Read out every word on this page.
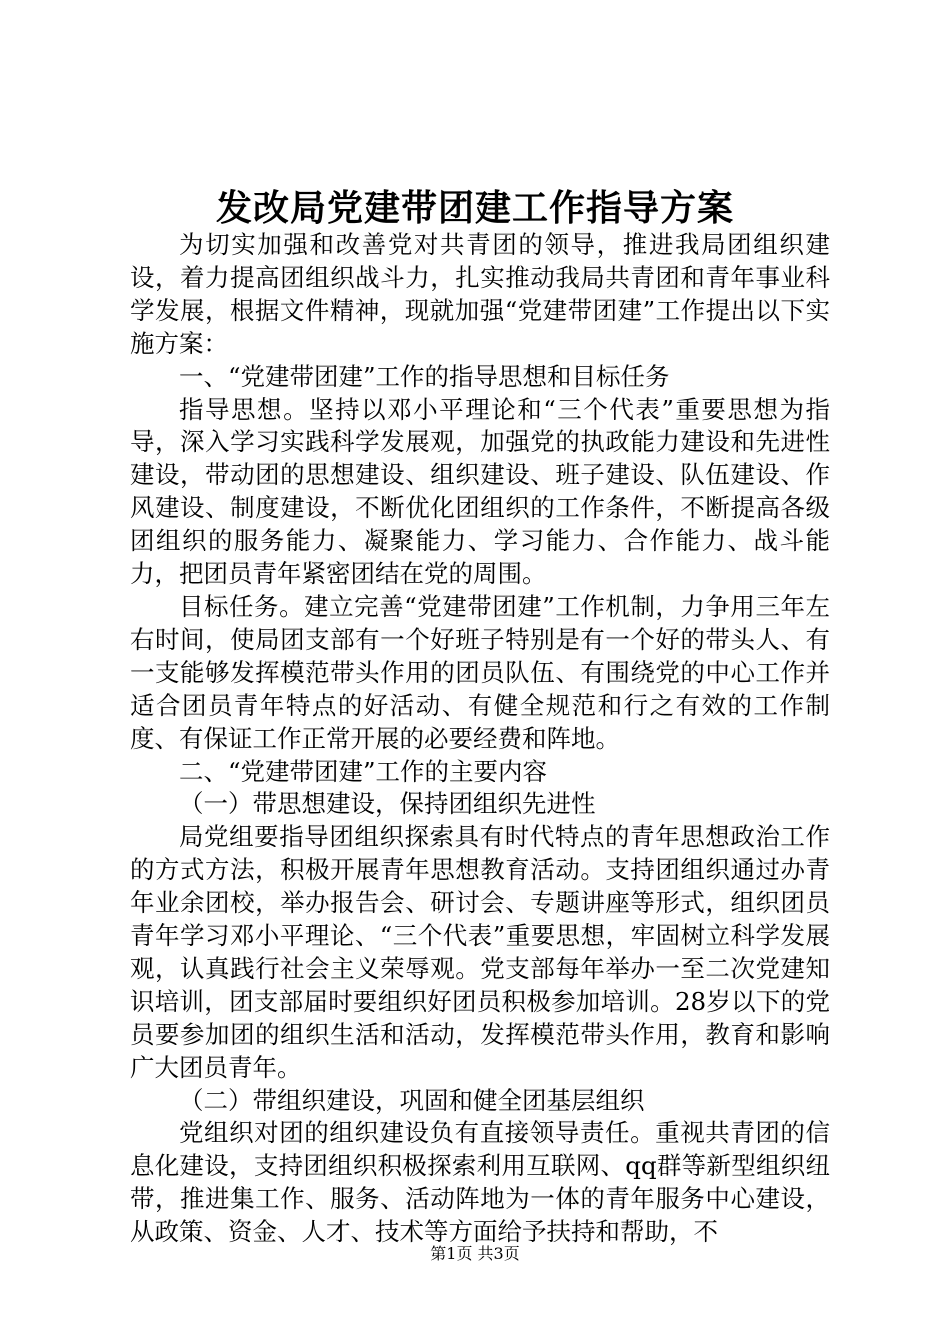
发改局党建带团建工作指导方案

为切实加强和改善党对共青团的领导，推进我局团组织建设，着力提高团组织战斗力，扎实推动我局共青团和青年事业科学发展，根据文件精神，现就加强“党建带团建”工作提出以下实施方案：

一、“党建带团建”工作的指导思想和目标任务

指导思想。坚持以邓小平理论和“三个代表”重要思想为指导，深入学习实践科学发展观，加强党的执政能力建设和先进性建设，带动团的思想建设、组织建设、班子建设、队伍建设、作风建设、制度建设，不断优化团组织的工作条件，不断提高各级团组织的服务能力、凝聚能力、学习能力、合作能力、战斗能力，把团员青年紧密团结在党的周围。

目标任务。建立完善“党建带团建”工作机制，力争用三年左右时间，使局团支部有一个好班子特别是有一个好的带头人、有一支能够发挥模范带头作用的团员队伍、有围绕党的中心工作并适合团员青年特点的好活动、有健全规范和行之有效的工作制度、有保证工作正常开展的必要经费和阵地。

二、“党建带团建”工作的主要内容

（一）带思想建设，保持团组织先进性

局党组要指导团组织探索具有时代特点的青年思想政治工作的方式方法，积极开展青年思想教育活动。支持团组织通过办青年业余团校，举办报告会、研讨会、专题讲座等形式，组织团员青年学习邓小平理论、“三个代表”重要思想，牢固树立科学发展观，认真践行社会主义荣辱观。党支部每年举办一至二次党建知识培训，团支部届时要组织好团员积极参加培训。28岁以下的党员要参加团的组织生活和活动，发挥模范带头作用，教育和影响广大团员青年。

（二）带组织建设，巩固和健全团基层组织

党组织对团的组织建设负有直接领导责任。重视共青团的信息化建设，支持团组织积极探索利用互联网、qq群等新型组织纽带，推进集工作、服务、活动阵地为一体的青年服务中心建设，从政策、资金、人才、技术等方面给予扶持和帮助，不

第1页 共3页
